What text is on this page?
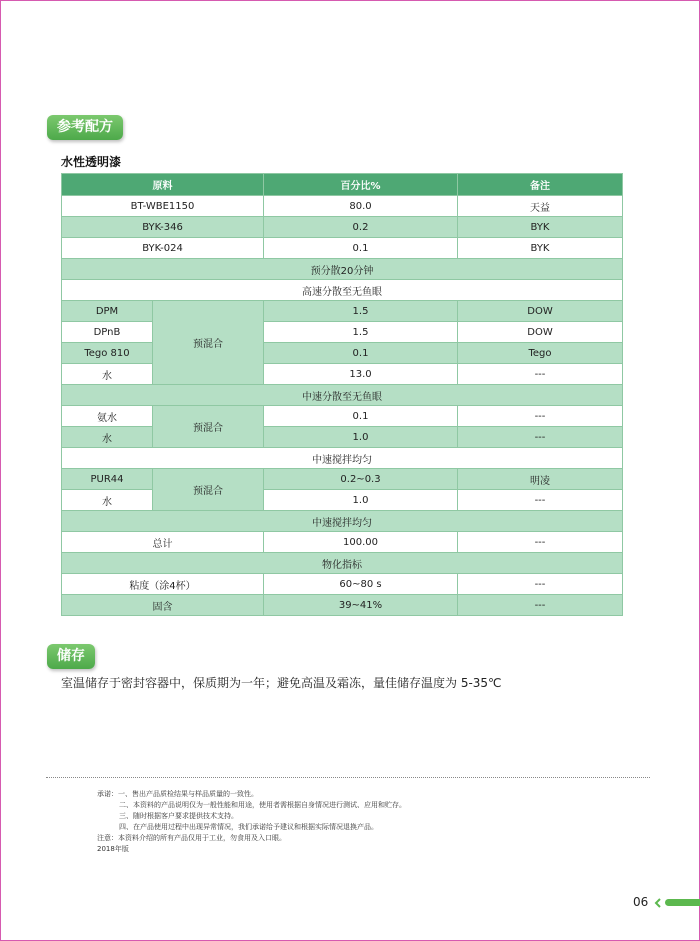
参考配方
水性透明漆
原料		百分比%	备注
BT-WBE1150		80.0	天益
BYK-346		0.2	BYK
BYK-024		0.1	BYK
预分散20分钟			
高速分散至无鱼眼			
DPM	预混合	1.5	DOW
DPnB		1.5	DOW
Tego 810		0.1	Tego
水		13.0	---
中速分散至无鱼眼			
氨水	预混合	0.1	---
水		1.0	---
中速搅拌均匀			
PUR44	预混合	0.2~0.3	明凌
水		1.0	---
中速搅拌均匀			
总计		100.00	---
物化指标			
粘度（涂4杯）		60~80 s	---
固含		39~41%	---
储存
室温储存于密封容器中，保质期为一年；避免高温及霜冻，量佳储存温度为 5-35℃
承诺：一、售出产品质检结果与样品质量的一致性。
二、本资料的产品说明仅为一般性能和用途，使用者需根据自身情况进行测试、应用和贮存。
三、随时根据客户要求提供技术支持。
四、在产品使用过程中出现异常情况，我们承诺给予建议和根据实际情况退换产品。
注意：本资料介绍的所有产品仅用于工业，勿食用及入口眼。
2018年版
06
